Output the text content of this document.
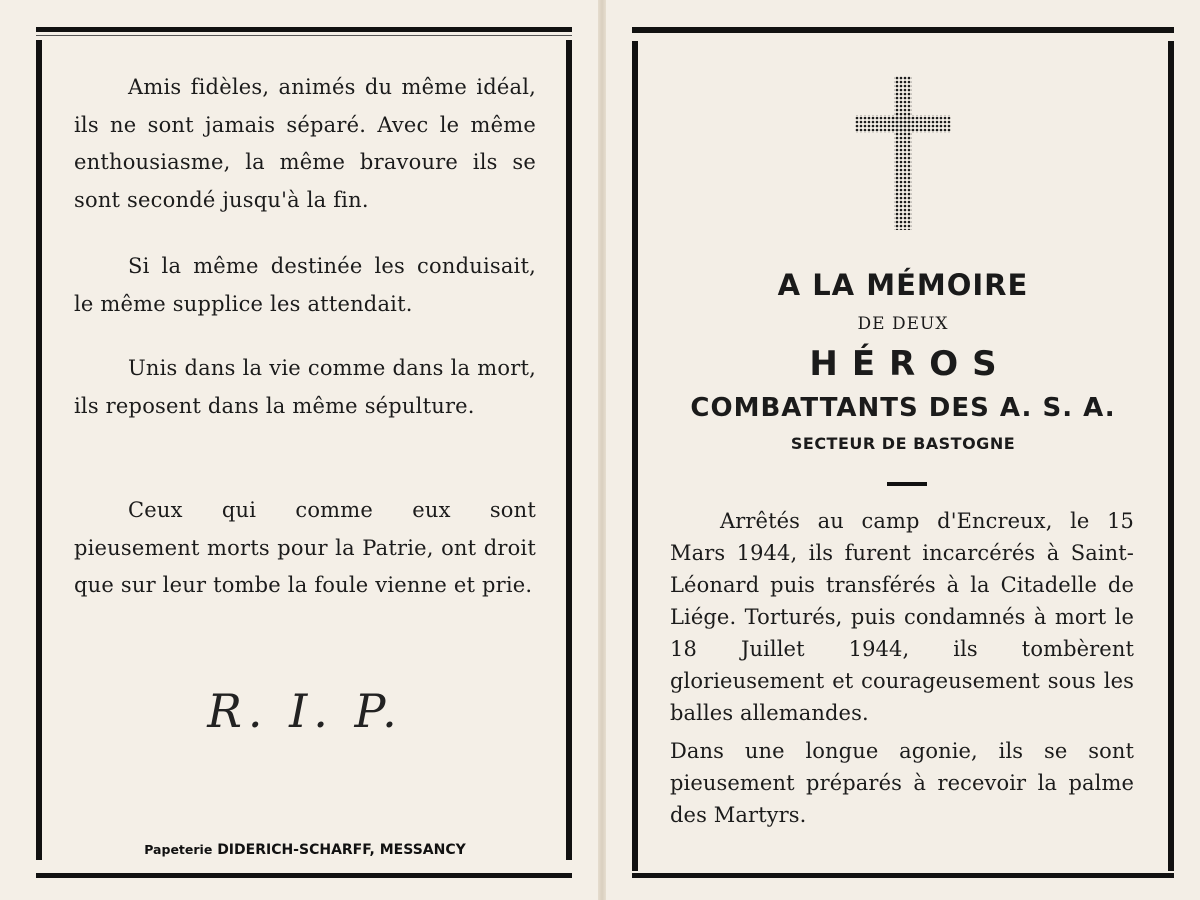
Amis fidèles, animés du même idéal, ils ne sont jamais séparé. Avec le même enthousiasme, la même bravoure ils se sont secondé jusqu'à la fin.

Si la même destinée les conduisait, le même supplice les attendait.

Unis dans la vie comme dans la mort, ils reposent dans la même sépulture.

Ceux qui comme eux sont pieusement morts pour la Patrie, ont droit que sur leur tombe la foule vienne et prie.

R. I. P.
Papeterie DIDERICH-SCHARFF, MESSANCY
A LA MÉMOIRE
DE DEUX
HÉROS
COMBATTANTS DES A. S. A.
SECTEUR DE BASTOGNE

Arrêtés au camp d'Encreux, le 15 Mars 1944, ils furent incarcérés à Saint-Léonard puis transférés à la Citadelle de Liége. Torturés, puis condamnés à mort le 18 Juillet 1944, ils tombèrent glorieusement et courageusement sous les balles allemandes.

Dans une longue agonie, ils se sont pieusement préparés à recevoir la palme des Martyrs.
